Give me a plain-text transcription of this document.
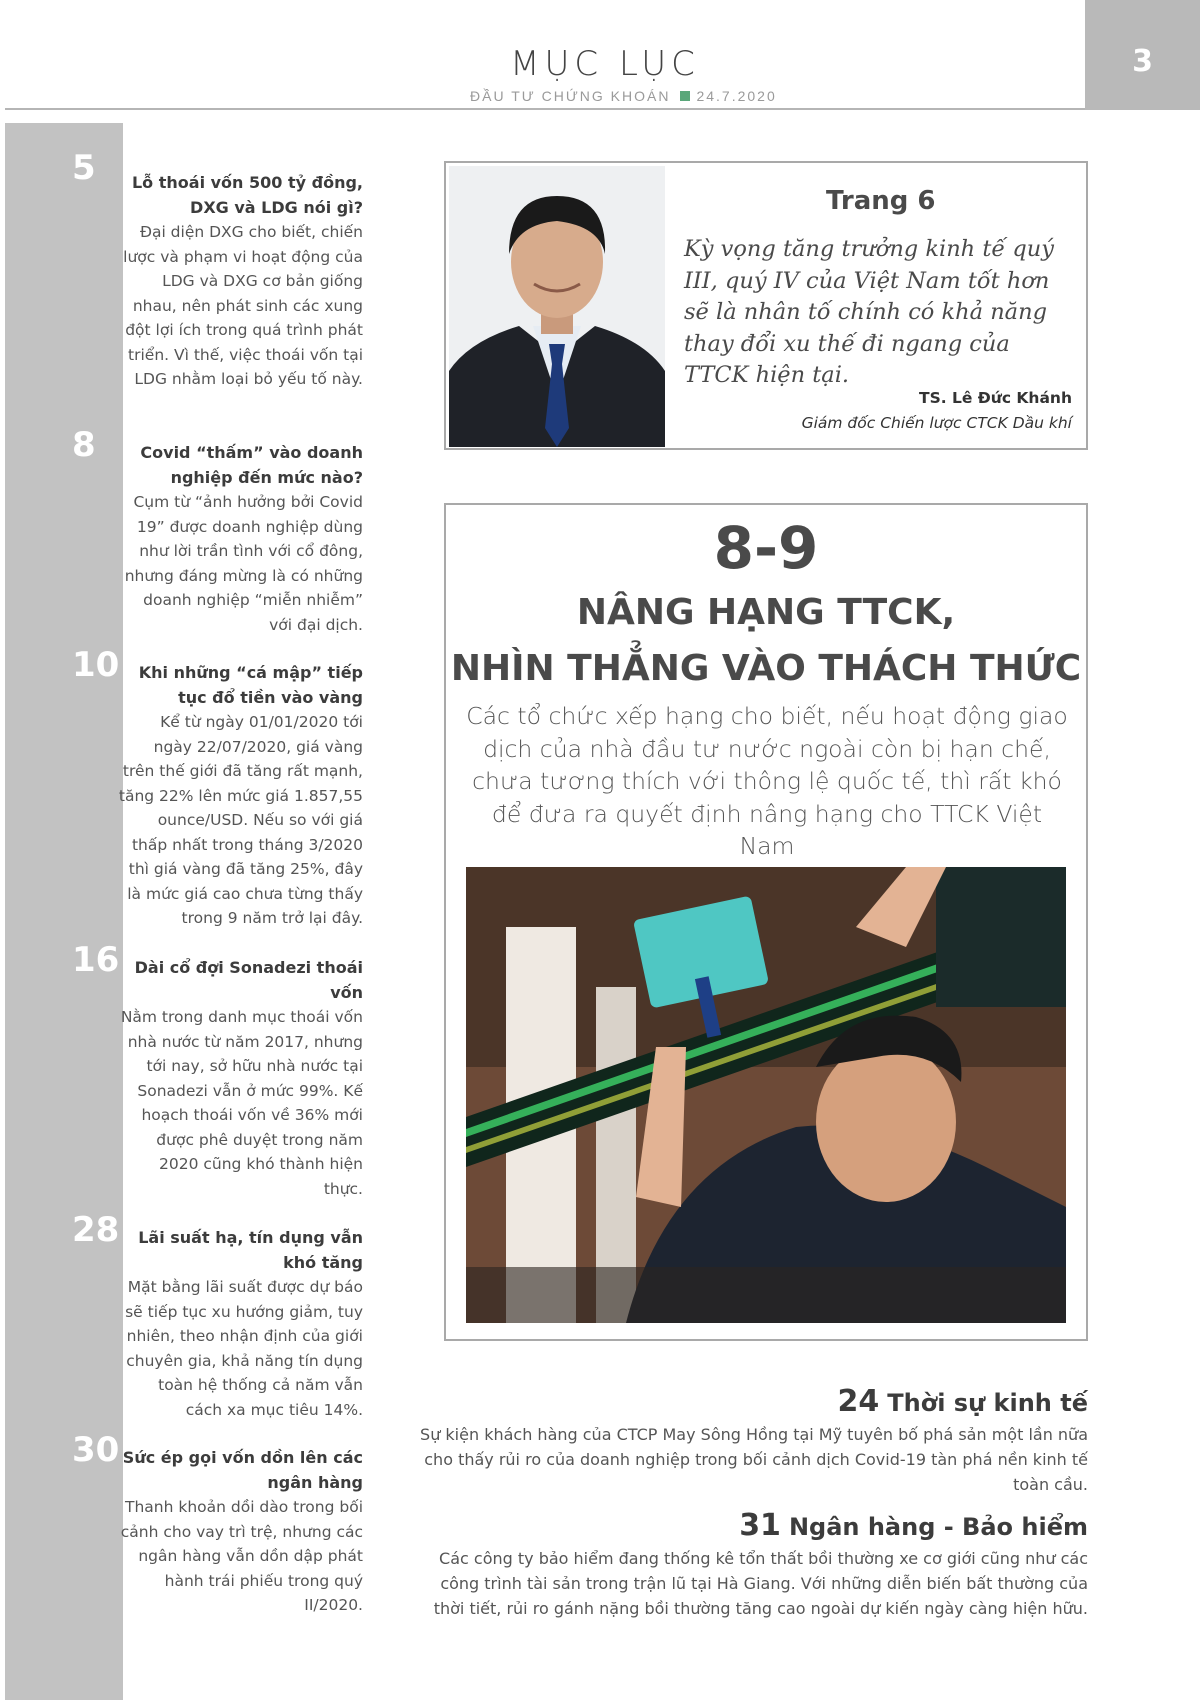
MỤC LỤC
ĐẦU TƯ CHỨNG KHOÁN 24.7.2020
3
5	Lỗ thoái vốn 500 tỷ đồng, DXG và LDG nói gì?
Đại diện DXG cho biết, chiến lược và phạm vi hoạt động của LDG và DXG cơ bản giống nhau, nên phát sinh các xung đột lợi ích trong quá trình phát triển. Vì thế, việc thoái vốn tại LDG nhằm loại bỏ yếu tố này.
8	Covid “thấm” vào doanh nghiệp đến mức nào?
Cụm từ “ảnh hưởng bởi Covid 19” được doanh nghiệp dùng như lời trần tình với cổ đông, nhưng đáng mừng là có những doanh nghiệp “miễn nhiễm” với đại dịch.
10	Khi những “cá mập” tiếp tục đổ tiền vào vàng
Kể từ ngày 01/01/2020 tới ngày 22/07/2020, giá vàng trên thế giới đã tăng rất mạnh, tăng 22% lên mức giá 1.857,55 ounce/USD. Nếu so với giá thấp nhất trong tháng 3/2020 thì giá vàng đã tăng 25%, đây là mức giá cao chưa từng thấy trong 9 năm trở lại đây.
16 Dài cổ đợi Sonadezi thoái vốn
Nằm trong danh mục thoái vốn nhà nước từ năm 2017, nhưng tới nay, sở hữu nhà nước tại Sonadezi vẫn ở mức 99%. Kế hoạch thoái vốn về 36% mới được phê duyệt trong năm 2020 cũng khó thành hiện thực.
28	Lãi suất hạ, tín dụng vẫn khó tăng
Mặt bằng lãi suất được dự báo sẽ tiếp tục xu hướng giảm, tuy nhiên, theo nhận định của giới chuyên gia, khả năng tín dụng toàn hệ thống cả năm vẫn cách xa mục tiêu 14%.
30 Sức ép gọi vốn dồn lên các ngân hàng
Thanh khoản dồi dào trong bối cảnh cho vay trì trệ, nhưng các ngân hàng vẫn dồn dập phát hành trái phiếu trong quý II/2020.
Trang 6
Kỳ vọng tăng trưởng kinh tế quý III, quý IV của Việt Nam tốt hơn sẽ là nhân tố chính có khả năng thay đổi xu thế đi ngang của TTCK hiện tại.
TS. Lê Đức Khánh
Giám đốc Chiến lược CTCK Dầu khí
8-9
NÂNG HẠNG TTCK,
NHÌN THẲNG VÀO THÁCH THỨC
Các tổ chức xếp hạng cho biết, nếu hoạt động giao dịch của nhà đầu tư nước ngoài còn bị hạn chế, chưa tương thích với thông lệ quốc tế, thì rất khó để đưa ra quyết định nâng hạng cho TTCK Việt Nam
24 Thời sự kinh tế
Sự kiện khách hàng của CTCP May Sông Hồng tại Mỹ tuyên bố phá sản một lần nữa cho thấy rủi ro của doanh nghiệp trong bối cảnh dịch Covid-19 tàn phá nền kinh tế toàn cầu.
31 Ngân hàng - Bảo hiểm
Các công ty bảo hiểm đang thống kê tổn thất bồi thường xe cơ giới cũng như các công trình tài sản trong trận lũ tại Hà Giang. Với những diễn biến bất thường của thời tiết, rủi ro gánh nặng bồi thường tăng cao ngoài dự kiến ngày càng hiện hữu.
